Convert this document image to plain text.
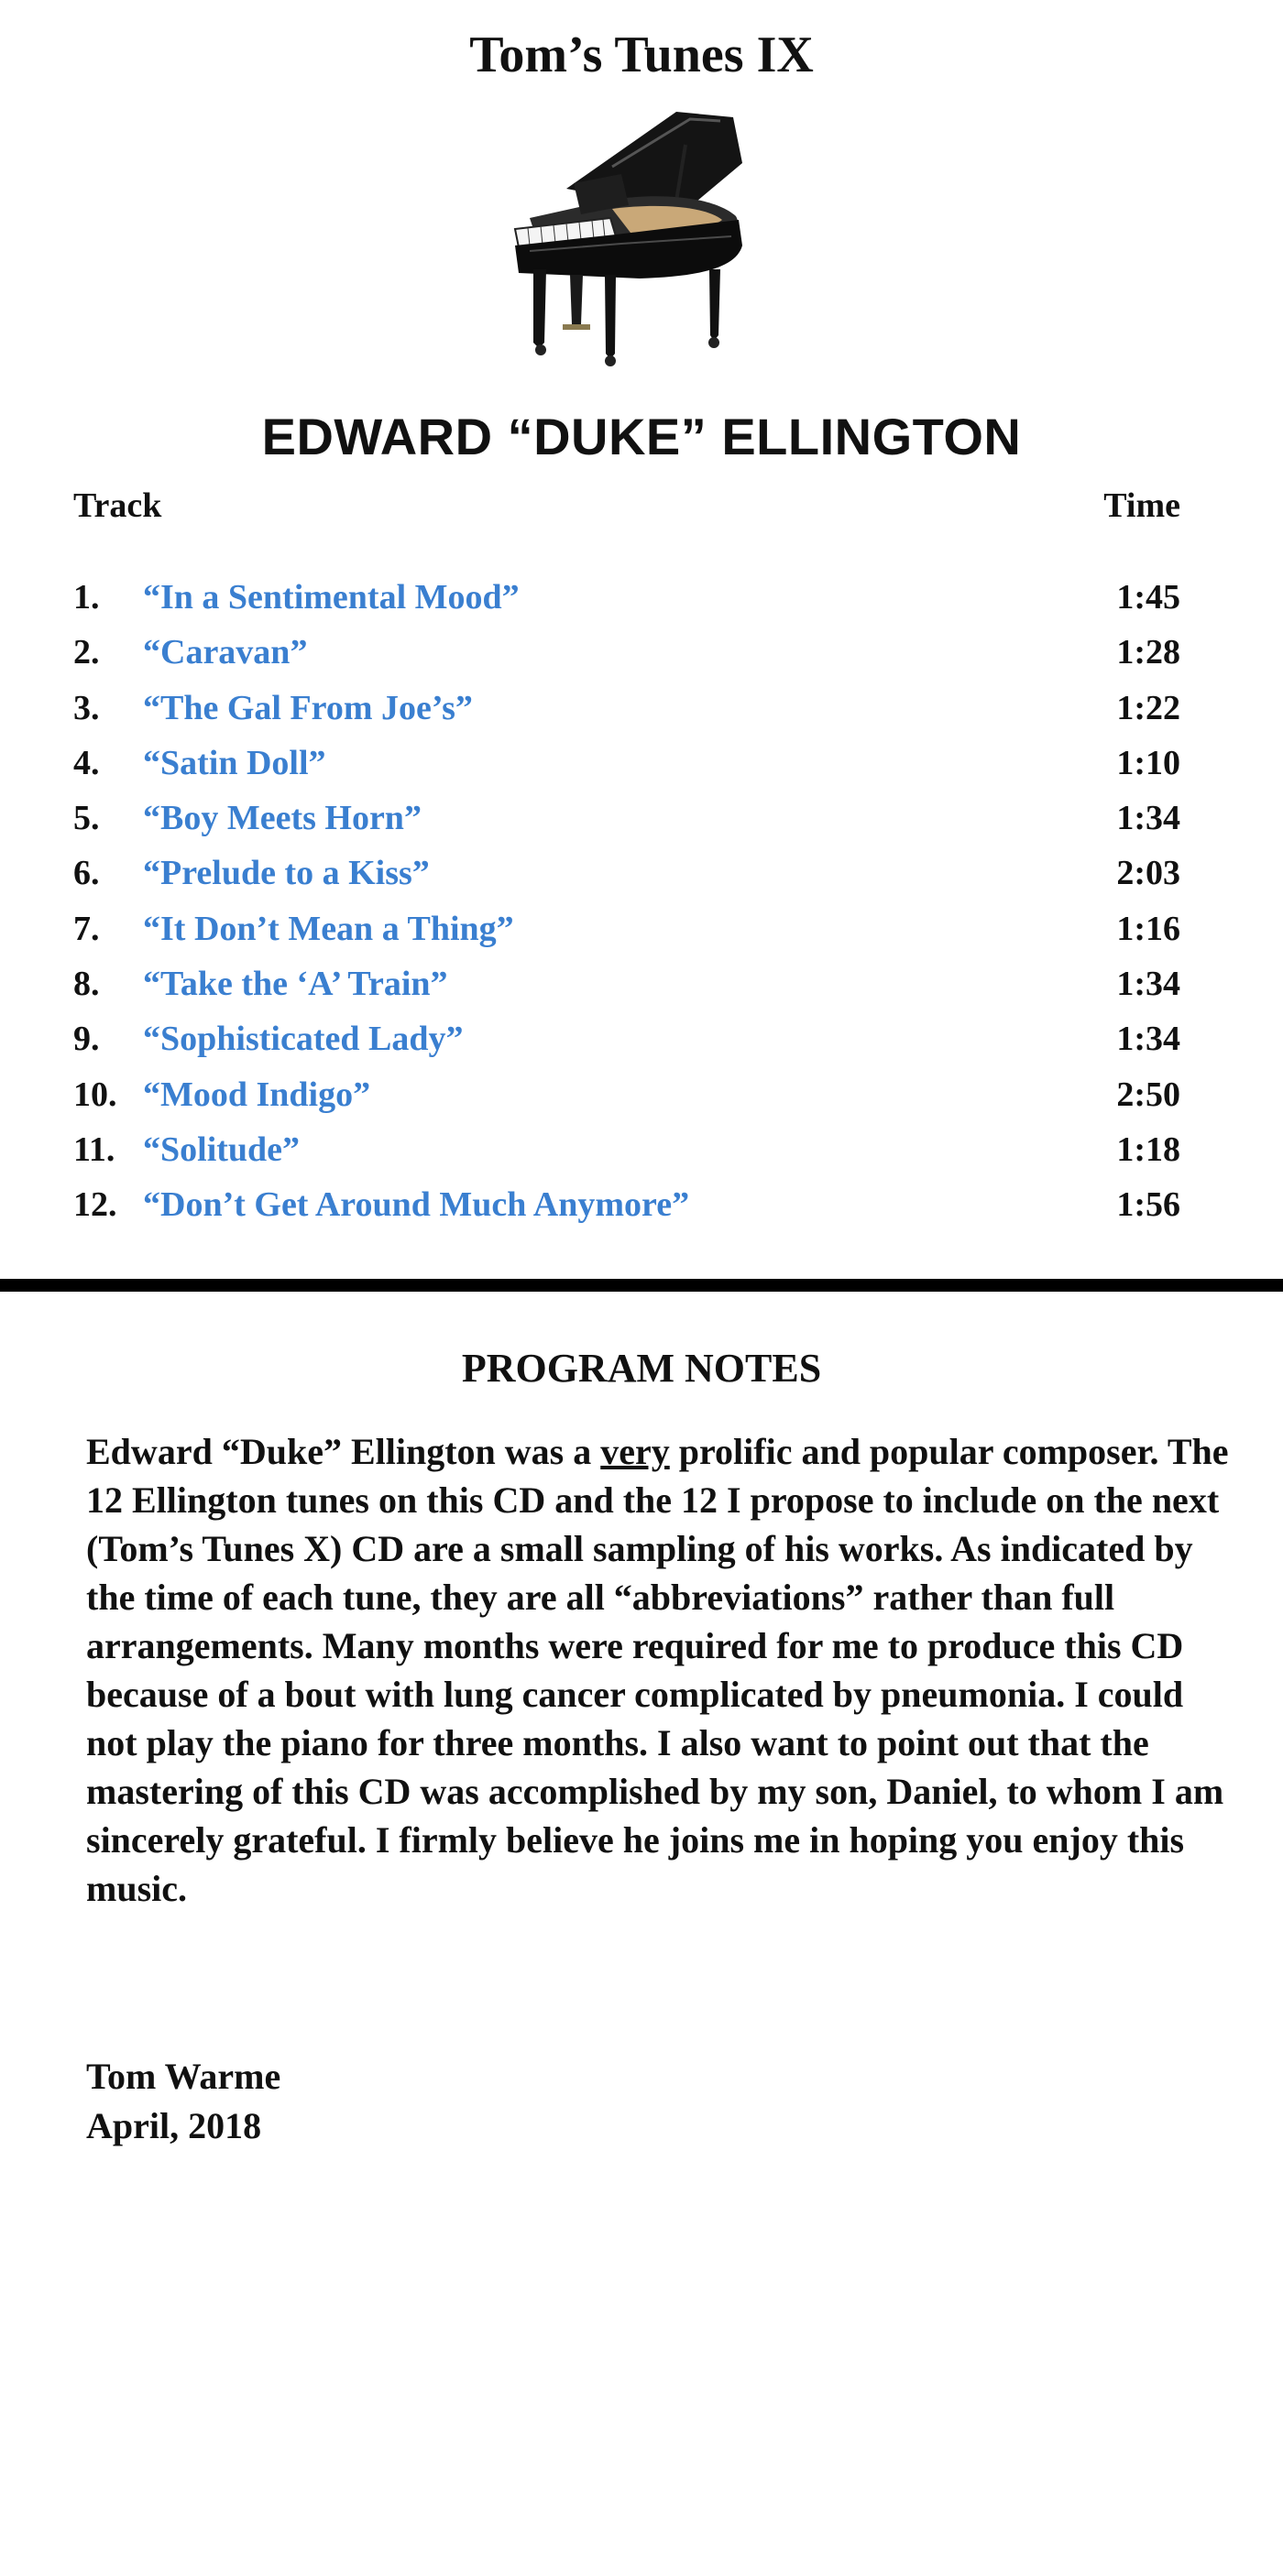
Tom’s Tunes IX
EDWARD “DUKE” ELLINGTON
Track	Time
1. “In a Sentimental Mood”	1:45
2. “Caravan”	1:28
3. “The Gal From Joe’s”	1:22
4. “Satin Doll”	1:10
5. “Boy Meets Horn”	1:34
6. “Prelude to a Kiss”	2:03
7. “It Don’t Mean a Thing”	1:16
8. “Take the ‘A’ Train”	1:34
9. “Sophisticated Lady”	1:34
10. “Mood Indigo”	2:50
11. “Solitude”	1:18
12. “Don’t Get Around Much Anymore”	1:56
PROGRAM NOTES

Edward “Duke” Ellington was a very prolific and popular composer. The 12 Ellington tunes on this CD and the 12 I propose to include on the next (Tom’s Tunes X) CD are a small sampling of his works. As indicated by the time of each tune, they are all “abbreviations” rather than full arrangements. Many months were required for me to produce this CD because of a bout with lung cancer complicated by pneumonia. I could not play the piano for three months. I also want to point out that the mastering of this CD was accomplished by my son, Daniel, to whom I am sincerely grateful. I firmly believe he joins me in hoping you enjoy this music.

Tom Warme
April, 2018
